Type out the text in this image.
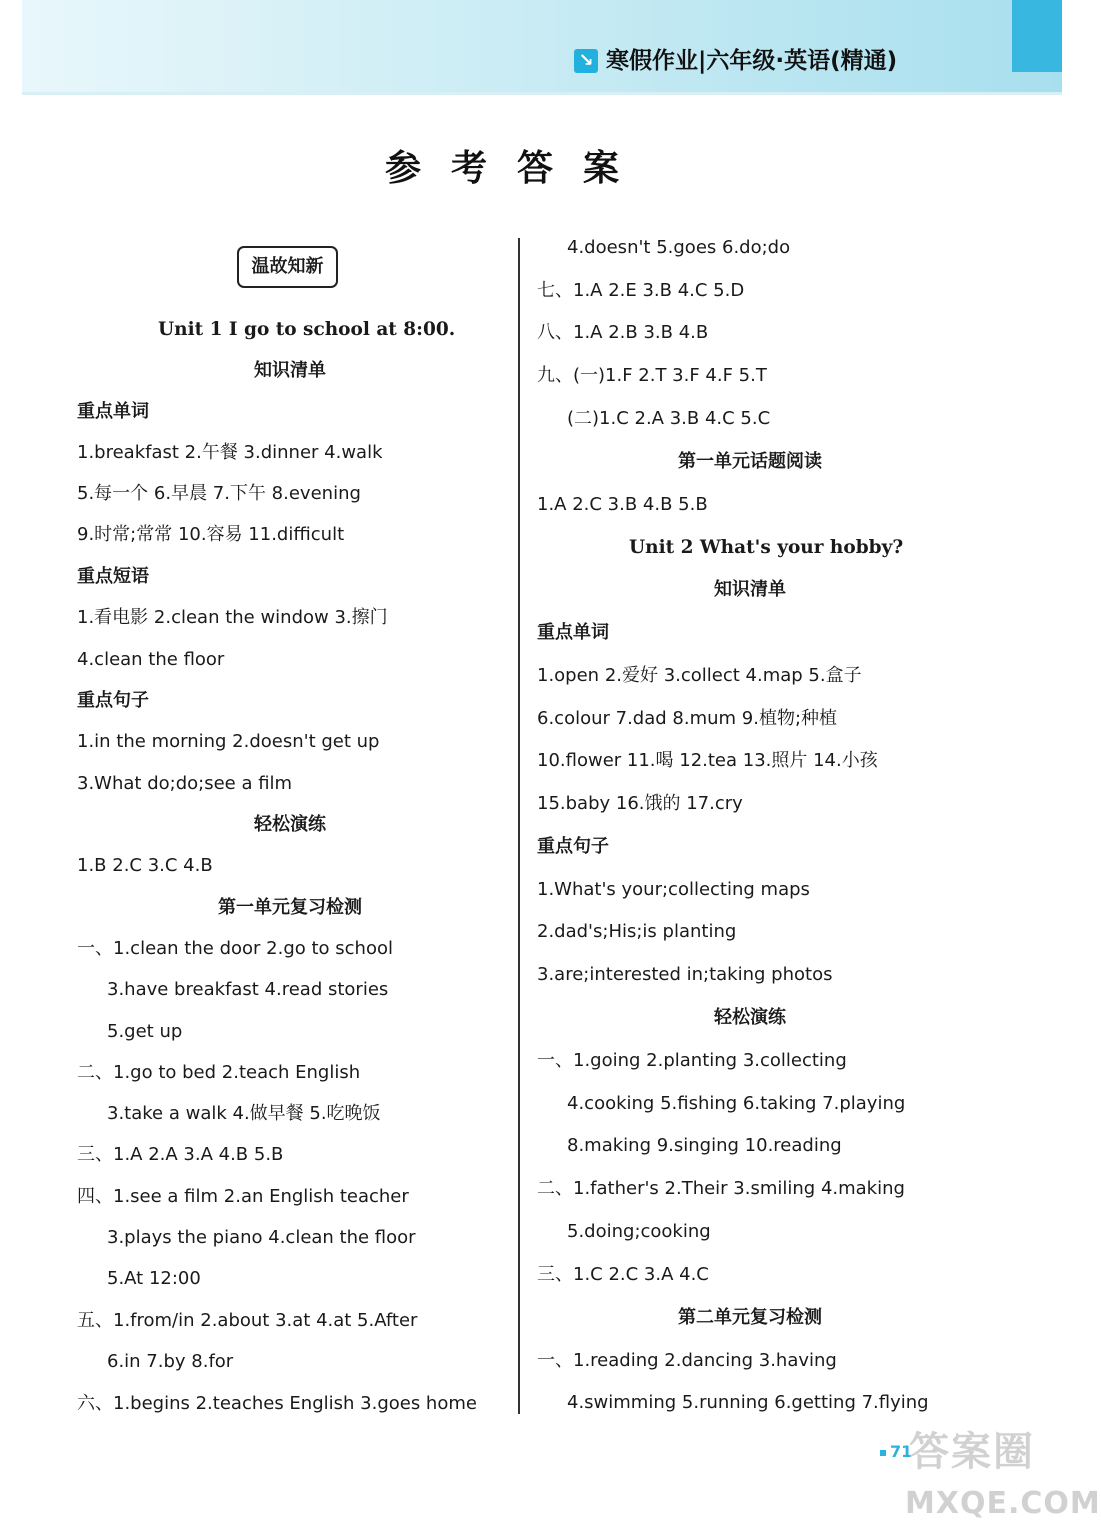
↘ 寒假作业|六年级·英语(精通)
参考答案
温故知新
Unit 1 I go to school at 8:00.
知识清单
重点单词
1.breakfast 2.午餐 3.dinner 4.walk
5.每一个 6.早晨 7.下午 8.evening
9.时常;常常 10.容易 11.difficult
重点短语
1.看电影 2.clean the window 3.擦门
4.clean the floor
重点句子
1.in the morning 2.doesn't get up
3.What do;do;see a film
轻松演练
1.B 2.C 3.C 4.B
第一单元复习检测
一、1.clean the door 2.go to school
3.have breakfast 4.read stories
5.get up
二、1.go to bed 2.teach English
3.take a walk 4.做早餐 5.吃晚饭
三、1.A 2.A 3.A 4.B 5.B
四、1.see a film 2.an English teacher
3.plays the piano 4.clean the floor
5.At 12:00
五、1.from/in 2.about 3.at 4.at 5.After
6.in 7.by 8.for
六、1.begins 2.teaches English 3.goes home
4.doesn't 5.goes 6.do;do
七、1.A 2.E 3.B 4.C 5.D
八、1.A 2.B 3.B 4.B
九、(一)1.F 2.T 3.F 4.F 5.T
(二)1.C 2.A 3.B 4.C 5.C
第一单元话题阅读
1.A 2.C 3.B 4.B 5.B
Unit 2 What's your hobby?
知识清单
重点单词
1.open 2.爱好 3.collect 4.map 5.盒子
6.colour 7.dad 8.mum 9.植物;种植
10.flower 11.喝 12.tea 13.照片 14.小孩
15.baby 16.饿的 17.cry
重点句子
1.What's your;collecting maps
2.dad's;His;is planting
3.are;interested in;taking photos
轻松演练
一、1.going 2.planting 3.collecting
4.cooking 5.fishing 6.taking 7.playing
8.making 9.singing 10.reading
二、1.father's 2.Their 3.smiling 4.making
5.doing;cooking
三、1.C 2.C 3.A 4.C
第二单元复习检测
一、1.reading 2.dancing 3.having
4.swimming 5.running 6.getting 7.flying
71
答案圈
MXQE.COM
